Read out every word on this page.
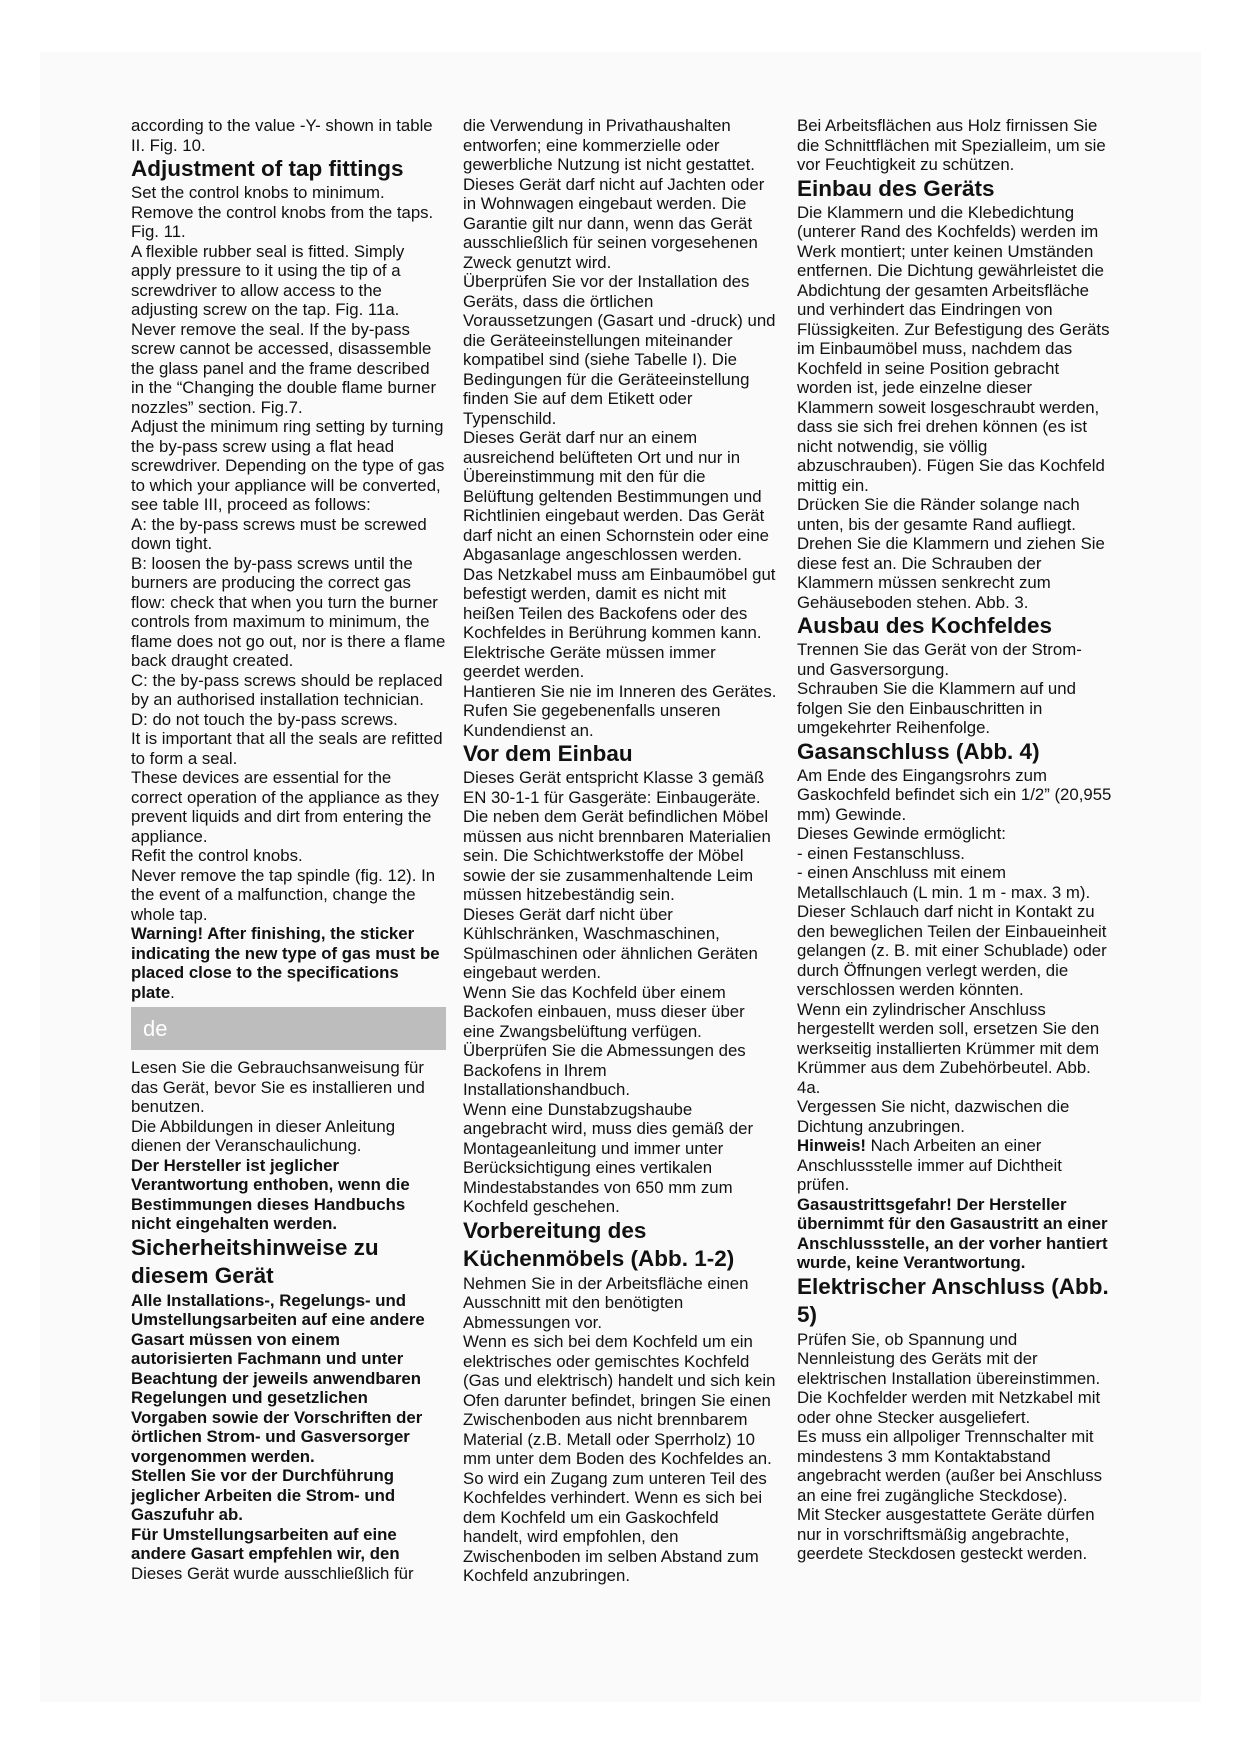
according to the value -Y- shown in table II. Fig. 10.
Adjustment of tap fittings
Set the control knobs to minimum.
Remove the control knobs from the taps. Fig. 11.
A flexible rubber seal is fitted. Simply apply pressure to it using the tip of a screwdriver to allow access to the adjusting screw on the tap. Fig. 11a. Never remove the seal. If the by-pass screw cannot be accessed, disassemble the glass panel and the frame described in the “Changing the double flame burner nozzles” section. Fig.7.
Adjust the minimum ring setting by turning the by-pass screw using a flat head screwdriver. Depending on the type of gas to which your appliance will be converted, see table III, proceed as follows:
A: the by-pass screws must be screwed down tight.
B: loosen the by-pass screws until the burners are producing the correct gas flow: check that when you turn the burner controls from maximum to minimum, the flame does not go out, nor is there a flame back draught created.
C: the by-pass screws should be replaced by an authorised installation technician.
D: do not touch the by-pass screws.
It is important that all the seals are refitted to form a seal.
These devices are essential for the correct operation of the appliance as they prevent liquids and dirt from entering the appliance.
Refit the control knobs.
Never remove the tap spindle (fig. 12). In the event of a malfunction, change the whole tap.
Warning! After finishing, the sticker indicating the new type of gas must be placed close to the specifications plate.
de
Lesen Sie die Gebrauchsanweisung für das Gerät, bevor Sie es installieren und benutzen.
Die Abbildungen in dieser Anleitung dienen der Veranschaulichung.
Der Hersteller ist jeglicher Verantwortung enthoben, wenn die Bestimmungen dieses Handbuchs nicht eingehalten werden.
Sicherheitshinweise zu diesem Gerät
Alle Installations-, Regelungs- und Umstellungsarbeiten auf eine andere Gasart müssen von einem autorisierten Fachmann und unter Beachtung der jeweils anwendbaren Regelungen und gesetzlichen Vorgaben sowie der Vorschriften der örtlichen Strom- und Gasversorger vorgenommen werden.
Stellen Sie vor der Durchführung jeglicher Arbeiten die Strom- und Gaszufuhr ab.
Für Umstellungsarbeiten auf eine andere Gasart empfehlen wir, den
Dieses Gerät wurde ausschließlich für
die Verwendung in Privathaushalten entworfen; eine kommerzielle oder gewerbliche Nutzung ist nicht gestattet. Dieses Gerät darf nicht auf Jachten oder in Wohnwagen eingebaut werden. Die Garantie gilt nur dann, wenn das Gerät ausschließlich für seinen vorgesehenen Zweck genutzt wird.
Überprüfen Sie vor der Installation des Geräts, dass die örtlichen Voraussetzungen (Gasart und -druck) und die Geräteeinstellungen miteinander kompatibel sind (siehe Tabelle I). Die Bedingungen für die Geräteeinstellung finden Sie auf dem Etikett oder Typenschild.
Dieses Gerät darf nur an einem ausreichend belüfteten Ort und nur in Übereinstimmung mit den für die Belüftung geltenden Bestimmungen und Richtlinien eingebaut werden. Das Gerät darf nicht an einen Schornstein oder eine Abgasanlage angeschlossen werden.
Das Netzkabel muss am Einbaumöbel gut befestigt werden, damit es nicht mit heißen Teilen des Backofens oder des Kochfeldes in Berührung kommen kann. Elektrische Geräte müssen immer geerdet werden.
Hantieren Sie nie im Inneren des Gerätes. Rufen Sie gegebenenfalls unseren Kundendienst an.
Vor dem Einbau
Dieses Gerät entspricht Klasse 3 gemäß EN 30-1-1 für Gasgeräte: Einbaugeräte. Die neben dem Gerät befindlichen Möbel müssen aus nicht brennbaren Materialien sein. Die Schichtwerkstoffe der Möbel sowie der sie zusammenhaltende Leim müssen hitzebeständig sein.
Dieses Gerät darf nicht über Kühlschränken, Waschmaschinen, Spülmaschinen oder ähnlichen Geräten eingebaut werden.
Wenn Sie das Kochfeld über einem Backofen einbauen, muss dieser über eine Zwangsbelüftung verfügen. Überprüfen Sie die Abmessungen des Backofens in Ihrem Installationshandbuch.
Wenn eine Dunstabzugshaube angebracht wird, muss dies gemäß der Montageanleitung und immer unter Berücksichtigung eines vertikalen Mindestabstandes von 650 mm zum Kochfeld geschehen.
Vorbereitung des Küchenmöbels (Abb. 1-2)
Nehmen Sie in der Arbeitsfläche einen Ausschnitt mit den benötigten Abmessungen vor.
Wenn es sich bei dem Kochfeld um ein elektrisches oder gemischtes Kochfeld (Gas und elektrisch) handelt und sich kein Ofen darunter befindet, bringen Sie einen Zwischenboden aus nicht brennbarem Material (z.B. Metall oder Sperrholz) 10 mm unter dem Boden des Kochfeldes an. So wird ein Zugang zum unteren Teil des Kochfeldes verhindert. Wenn es sich bei dem Kochfeld um ein Gaskochfeld handelt, wird empfohlen, den Zwischenboden im selben Abstand zum Kochfeld anzubringen.
Bei Arbeitsflächen aus Holz firnissen Sie die Schnittflächen mit Spezialleim, um sie vor Feuchtigkeit zu schützen.
Einbau des Geräts
Die Klammern und die Klebedichtung (unterer Rand des Kochfelds) werden im Werk montiert; unter keinen Umständen entfernen. Die Dichtung gewährleistet die Abdichtung der gesamten Arbeitsfläche und verhindert das Eindringen von Flüssigkeiten. Zur Befestigung des Geräts im Einbaumöbel muss, nachdem das Kochfeld in seine Position gebracht worden ist, jede einzelne dieser Klammern soweit losgeschraubt werden, dass sie sich frei drehen können (es ist nicht notwendig, sie völlig abzuschrauben). Fügen Sie das Kochfeld mittig ein.
Drücken Sie die Ränder solange nach unten, bis der gesamte Rand aufliegt. Drehen Sie die Klammern und ziehen Sie diese fest an. Die Schrauben der Klammern müssen senkrecht zum Gehäuseboden stehen. Abb. 3.
Ausbau des Kochfeldes
Trennen Sie das Gerät von der Strom- und Gasversorgung.
Schrauben Sie die Klammern auf und folgen Sie den Einbauschritten in umgekehrter Reihenfolge.
Gasanschluss (Abb. 4)
Am Ende des Eingangsrohrs zum Gaskochfeld befindet sich ein 1/2” (20,955 mm) Gewinde.
Dieses Gewinde ermöglicht:
- einen Festanschluss.
- einen Anschluss mit einem Metallschlauch (L min. 1 m - max. 3 m). Dieser Schlauch darf nicht in Kontakt zu den beweglichen Teilen der Einbaueinheit gelangen (z. B. mit einer Schublade) oder durch Öffnungen verlegt werden, die verschlossen werden könnten.
Wenn ein zylindrischer Anschluss hergestellt werden soll, ersetzen Sie den werkseitig installierten Krümmer mit dem Krümmer aus dem Zubehörbeutel. Abb. 4a.
Vergessen Sie nicht, dazwischen die Dichtung anzubringen.
Hinweis! Nach Arbeiten an einer Anschlussstelle immer auf Dichtheit prüfen.
Gasaustrittsgefahr! Der Hersteller übernimmt für den Gasaustritt an einer Anschlussstelle, an der vorher hantiert wurde, keine Verantwortung.
Elektrischer Anschluss (Abb. 5)
Prüfen Sie, ob Spannung und Nennleistung des Geräts mit der elektrischen Installation übereinstimmen. Die Kochfelder werden mit Netzkabel mit oder ohne Stecker ausgeliefert.
Es muss ein allpoliger Trennschalter mit mindestens 3 mm Kontaktabstand angebracht werden (außer bei Anschluss an eine frei zugängliche Steckdose).
Mit Stecker ausgestattete Geräte dürfen nur in vorschriftsmäßig angebrachte, geerdete Steckdosen gesteckt werden.
